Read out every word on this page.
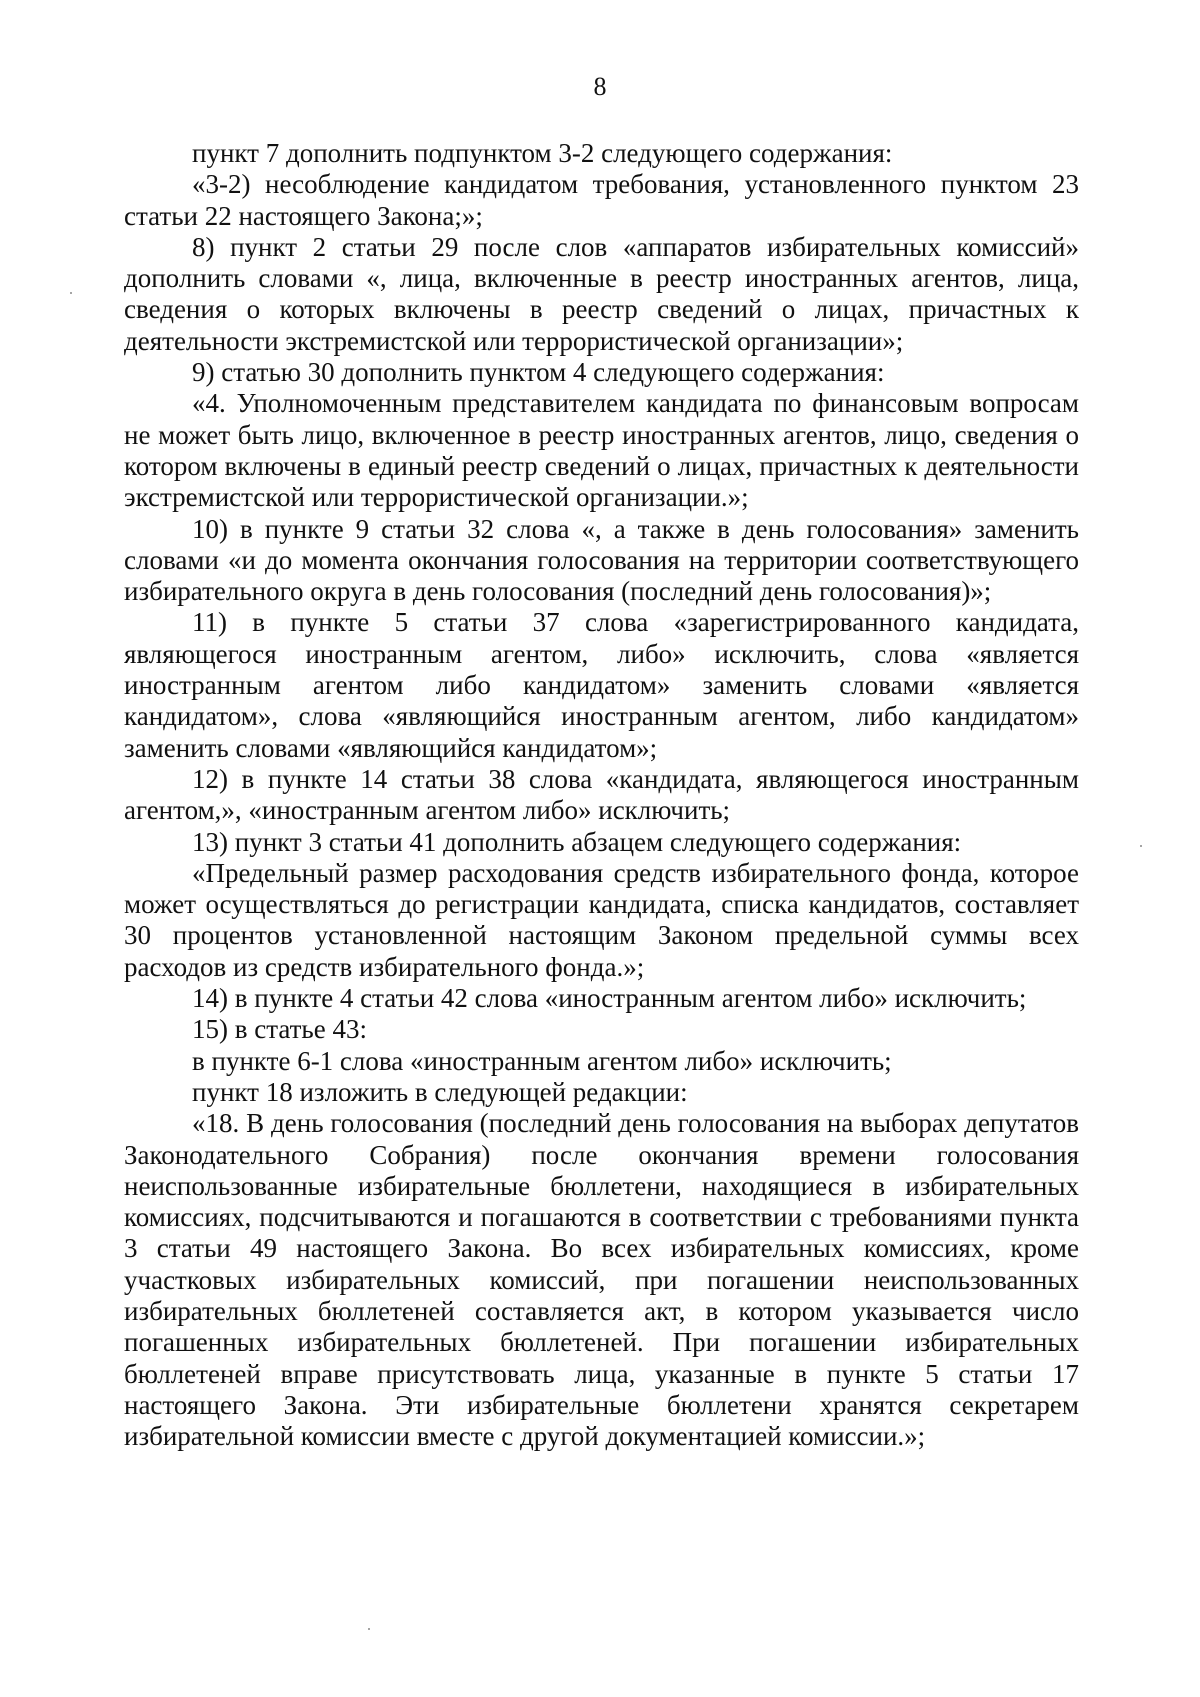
8

пункт 7 дополнить подпунктом 3-2 следующего содержания:

«3-2) несоблюдение кандидатом требования, установленного пунктом 23 статьи 22 настоящего Закона;»;

8) пункт 2 статьи 29 после слов «аппаратов избирательных комиссий» дополнить словами «, лица, включенные в реестр иностранных агентов, лица, сведения о которых включены в реестр сведений о лицах, причастных к деятельности экстремистской или террористической организации»;

9) статью 30 дополнить пунктом 4 следующего содержания:

«4. Уполномоченным представителем кандидата по финансовым вопросам не может быть лицо, включенное в реестр иностранных агентов, лицо, сведения о котором включены в единый реестр сведений о лицах, причастных к деятельности экстремистской или террористической организации.»;

10) в пункте 9 статьи 32 слова «, а также в день голосования» заменить словами «и до момента окончания голосования на территории соответствующего избирательного округа в день голосования (последний день голосования)»;

11) в пункте 5 статьи 37 слова «зарегистрированного кандидата, являющегося иностранным агентом, либо» исключить, слова «является иностранным агентом либо кандидатом» заменить словами «является кандидатом», слова «являющийся иностранным агентом, либо кандидатом» заменить словами «являющийся кандидатом»;

12) в пункте 14 статьи 38 слова «кандидата, являющегося иностранным агентом,», «иностранным агентом либо» исключить;

13) пункт 3 статьи 41 дополнить абзацем следующего содержания:

«Предельный размер расходования средств избирательного фонда, которое может осуществляться до регистрации кандидата, списка кандидатов, составляет 30 процентов установленной настоящим Законом предельной суммы всех расходов из средств избирательного фонда.»;

14) в пункте 4 статьи 42 слова «иностранным агентом либо» исключить;

15) в статье 43:

в пункте 6-1 слова «иностранным агентом либо» исключить;

пункт 18 изложить в следующей редакции:

«18. В день голосования (последний день голосования на выборах депутатов Законодательного Собрания) после окончания времени голосования неиспользованные избирательные бюллетени, находящиеся в избирательных комиссиях, подсчитываются и погашаются в соответствии с требованиями пункта 3 статьи 49 настоящего Закона. Во всех избирательных комиссиях, кроме участковых избирательных комиссий, при погашении неиспользованных избирательных бюллетеней составляется акт, в котором указывается число погашенных избирательных бюллетеней. При погашении избирательных бюллетеней вправе присутствовать лица, указанные в пункте 5 статьи 17 настоящего Закона. Эти избирательные бюллетени хранятся секретарем избирательной комиссии вместе с другой документацией комиссии.»;
